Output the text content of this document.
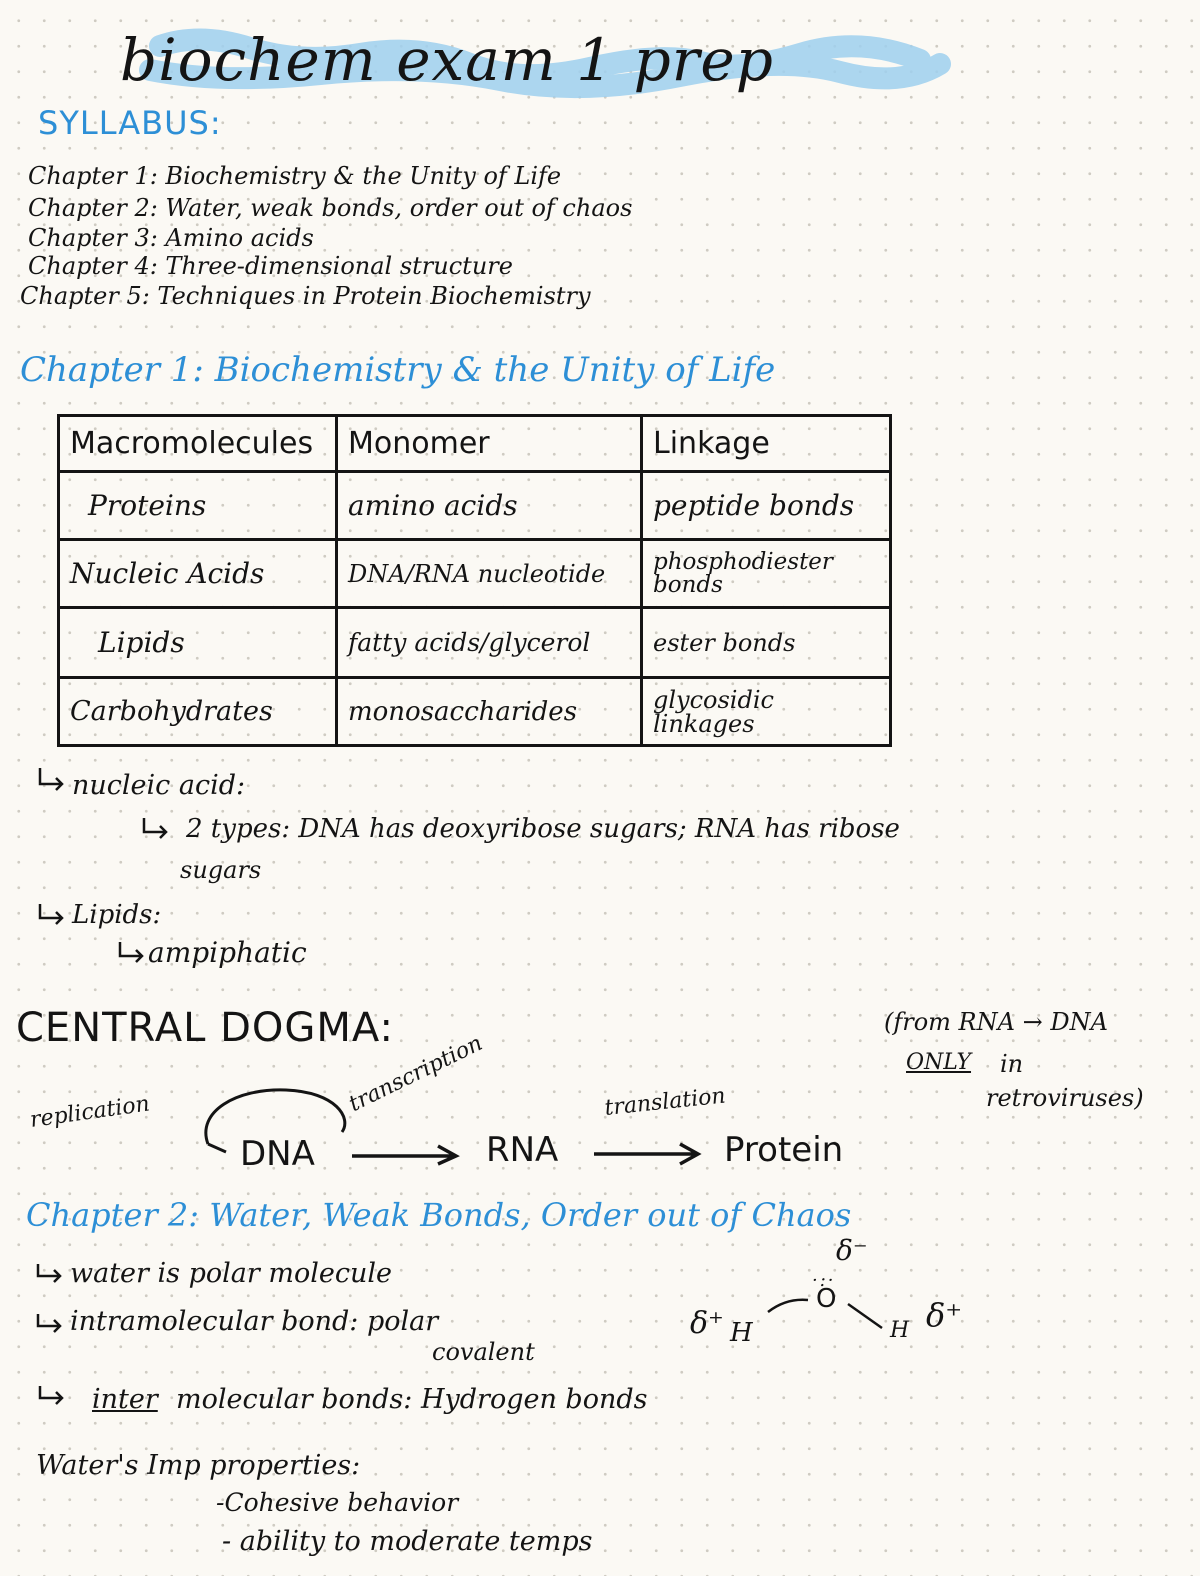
biochem exam 1 prep
SYLLABUS:
Chapter 1: Biochemistry & the Unity of Life
Chapter 2: Water, weak bonds, order out of chaos
Chapter 3: Amino acids
Chapter 4: Three-dimensional structure
Chapter 5: Techniques in Protein Biochemistry
Chapter 1: Biochemistry & the Unity of Life
Macromolecules	Monomer	Linkage
Proteins	amino acids	peptide bonds
Nucleic Acids	DNA/RNA nucleotide	phosphodiester bonds
Lipids	fatty acids/glycerol	ester bonds
Carbohydrates	monosaccharides	glycosidic linkages
nucleic acid:
2 types: DNA has deoxyribose sugars; RNA has ribose
sugars
Lipids:
ampiphatic
CENTRAL DOGMA:	(from RNA → DNA
ONLY in
retroviruses)
replication
DNA
transcription
RNA
translation
Protein
Chapter 2: Water, Weak Bonds, Order out of Chaos
water is polar molecule
intramolecular bond: polar
covalent
inter molecular bonds: Hydrogen bonds
δ⁻
·:·
O
δ⁺ H	H δ⁺
Water's Imp properties:
-Cohesive behavior
- ability to moderate temps
